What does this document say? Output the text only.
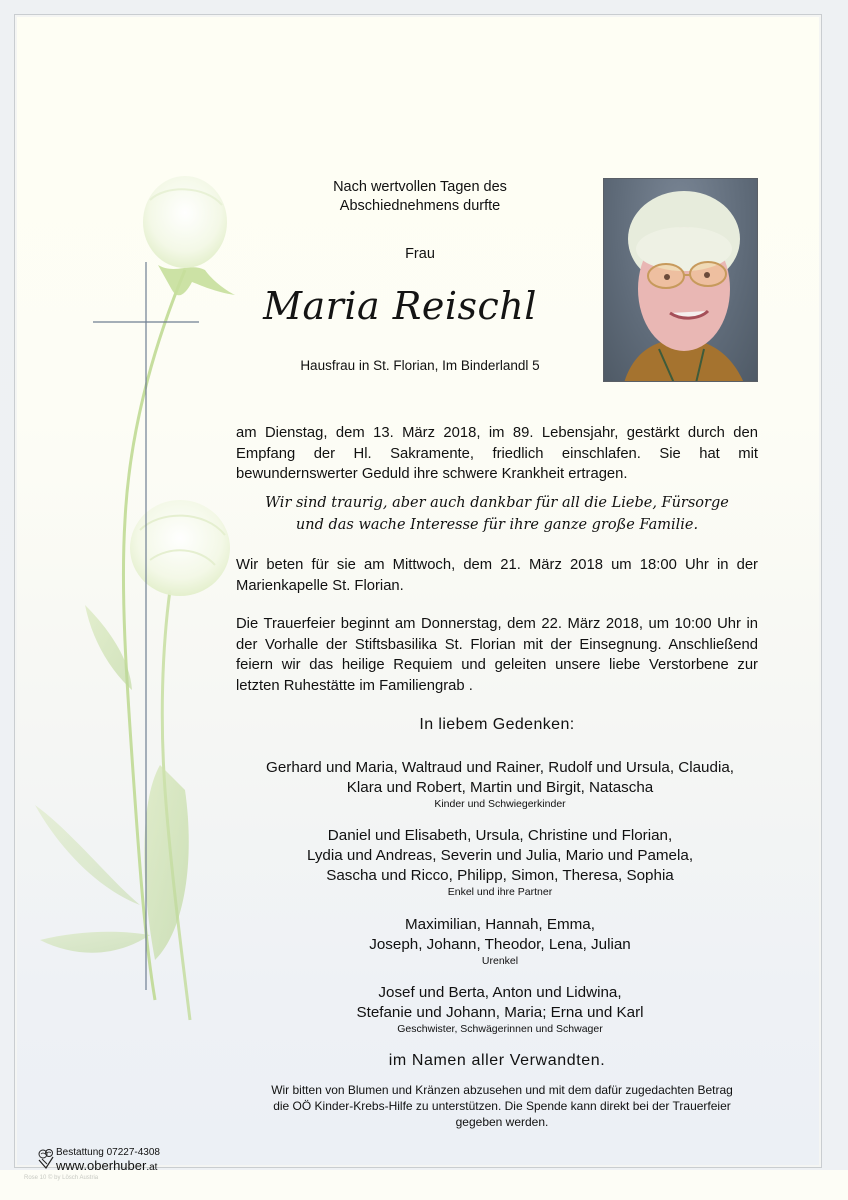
Nach wertvollen Tagen des
Abschiednehmens durfte
Frau
Maria Reischl
Hausfrau in St. Florian, Im Binderlandl 5
am Dienstag, dem 13. März 2018, im 89. Lebensjahr, gestärkt durch den Empfang der Hl. Sakramente, friedlich einschlafen. Sie hat mit bewundernswerter Geduld ihre schwere Krankheit ertragen.
Wir sind traurig, aber auch dankbar für all die Liebe, Fürsorge
und das wache Interesse für ihre ganze große Familie.
Wir beten für sie am Mittwoch, dem 21. März 2018 um 18:00 Uhr in der Marienkapelle St. Florian.
Die Trauerfeier beginnt am Donnerstag, dem 22. März 2018, um 10:00 Uhr in der Vorhalle der Stiftsbasilika St. Florian mit der Einsegnung. Anschließend feiern wir das heilige Requiem und geleiten unsere liebe Verstorbene zur letzten Ruhestätte im Familiengrab .
In liebem Gedenken:
Gerhard und Maria, Waltraud und Rainer, Rudolf und Ursula, Claudia,
Klara und Robert, Martin und Birgit, Natascha
Kinder und Schwiegerkinder
Daniel und Elisabeth, Ursula, Christine und Florian,
Lydia und Andreas, Severin und Julia, Mario und Pamela,
Sascha und Ricco, Philipp, Simon, Theresa, Sophia
Enkel und ihre Partner
Maximilian, Hannah, Emma,
Joseph, Johann, Theodor, Lena, Julian
Urenkel
Josef und Berta, Anton und Lidwina,
Stefanie und Johann, Maria; Erna und Karl
Geschwister, Schwägerinnen und Schwager
im Namen aller Verwandten.
Wir bitten von Blumen und Kränzen abzusehen und mit dem dafür zugedachten Betrag
die OÖ Kinder-Krebs-Hilfe zu unterstützen. Die Spende kann direkt bei der Trauerfeier
gegeben werden.
Bestattung 07227-4308
www.oberhuber.at
Rose 10 © by Lösch Austria
